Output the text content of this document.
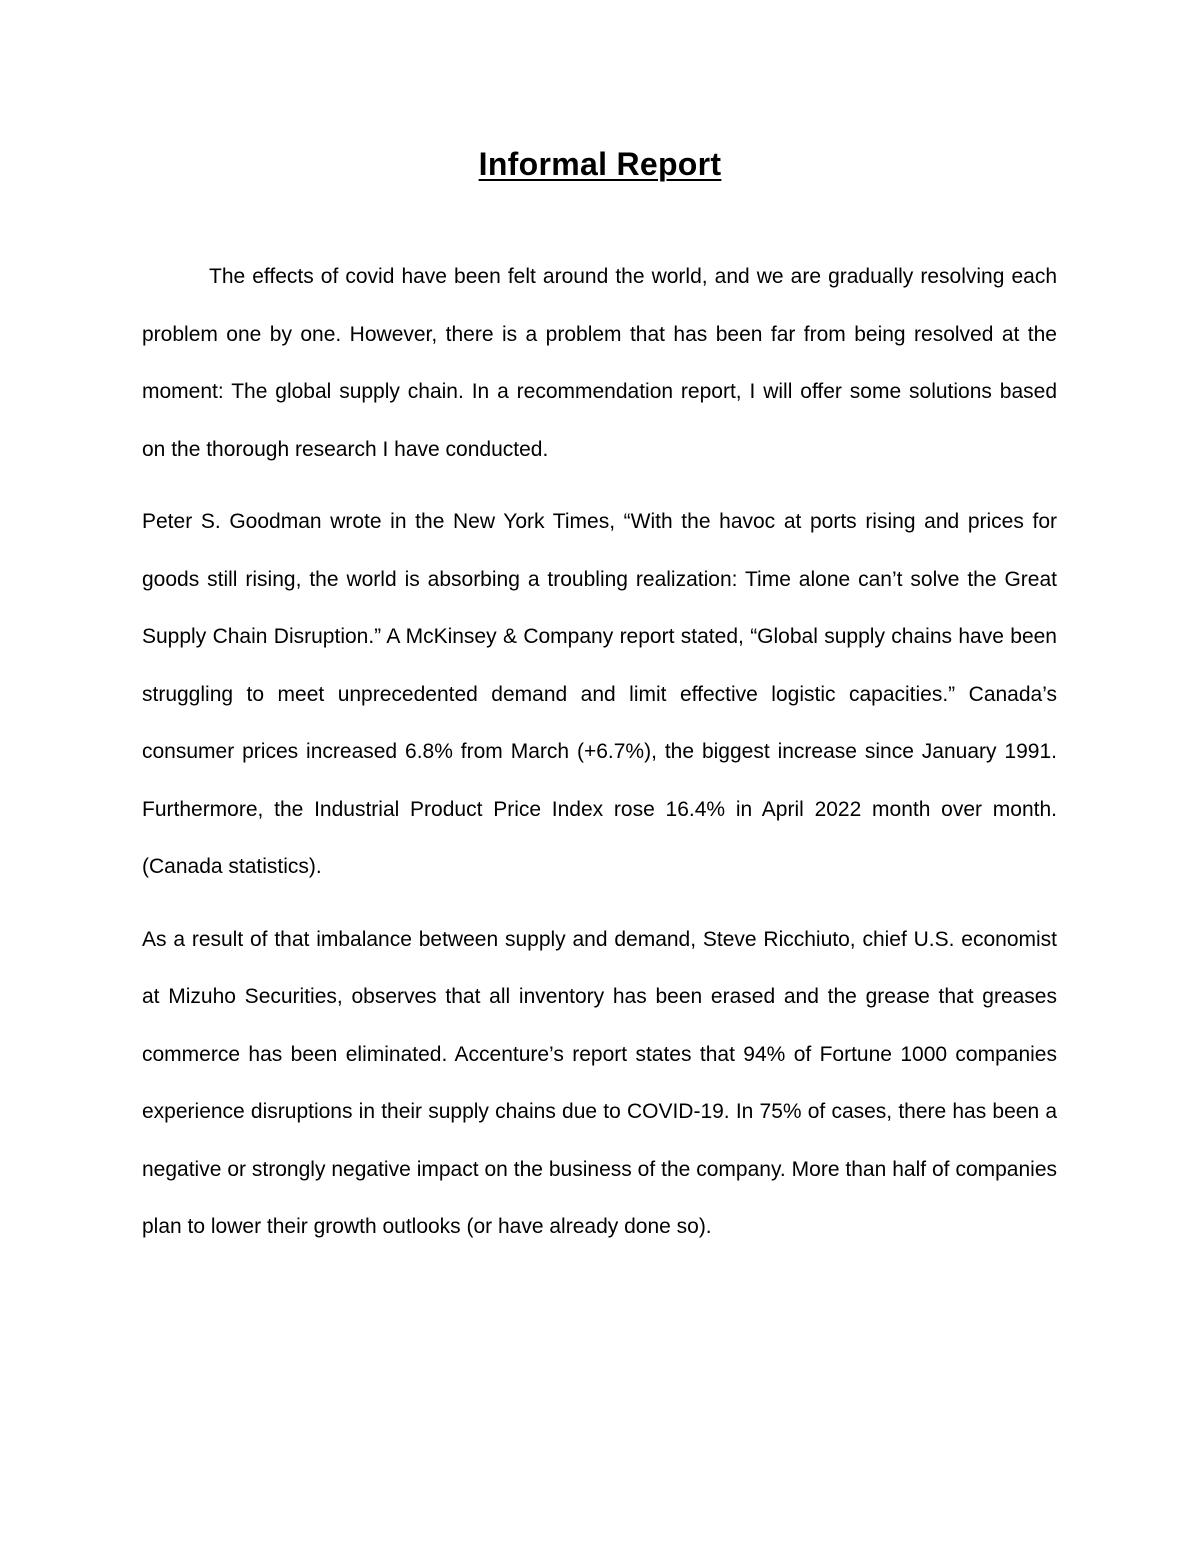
Informal Report

The effects of covid have been felt around the world, and we are gradually resolving each problem one by one. However, there is a problem that has been far from being resolved at the moment: The global supply chain. In a recommendation report, I will offer some solutions based on the thorough research I have conducted.

Peter S. Goodman wrote in the New York Times, “With the havoc at ports rising and prices for goods still rising, the world is absorbing a troubling realization: Time alone can’t solve the Great Supply Chain Disruption.” A McKinsey & Company report stated, “Global supply chains have been struggling to meet unprecedented demand and limit effective logistic capacities.” Canada’s consumer prices increased 6.8% from March (+6.7%), the biggest increase since January 1991. Furthermore, the Industrial Product Price Index rose 16.4% in April 2022 month over month. (Canada statistics).

As a result of that imbalance between supply and demand, Steve Ricchiuto, chief U.S. economist at Mizuho Securities, observes that all inventory has been erased and the grease that greases commerce has been eliminated. Accenture’s report states that 94% of Fortune 1000 companies experience disruptions in their supply chains due to COVID-19. In 75% of cases, there has been a negative or strongly negative impact on the business of the company. More than half of companies plan to lower their growth outlooks (or have already done so).
